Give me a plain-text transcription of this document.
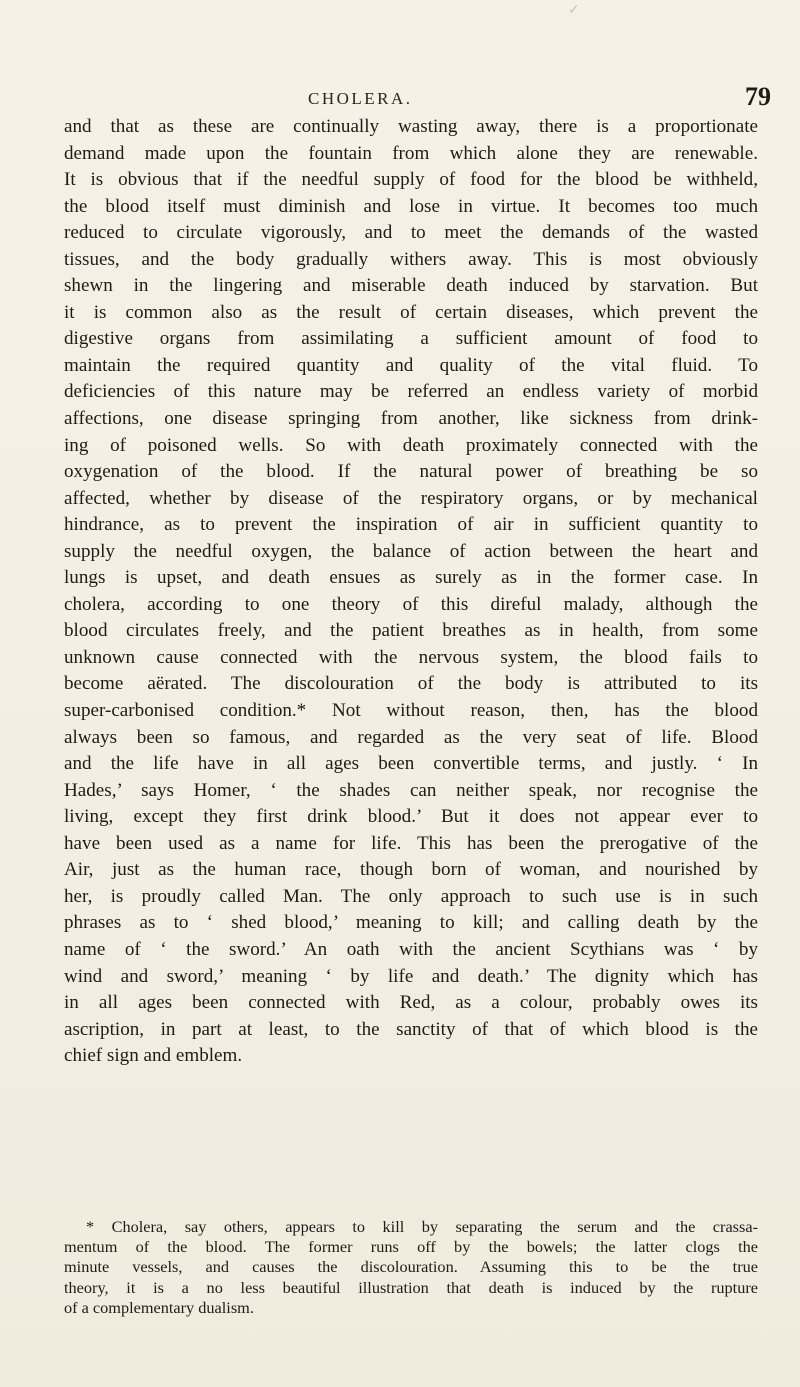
✓
CHOLERA.	79
and that as these are continually wasting away, there is a proportionate
demand made upon the fountain from which alone they are renewable.
It is obvious that if the needful supply of food for the blood be withheld,
the blood itself must diminish and lose in virtue. It becomes too much
reduced to circulate vigorously, and to meet the demands of the wasted
tissues, and the body gradually withers away. This is most obviously
shewn in the lingering and miserable death induced by starvation. But
it is common also as the result of certain diseases, which prevent the
digestive organs from assimilating a sufficient amount of food to
maintain the required quantity and quality of the vital fluid. To
deficiencies of this nature may be referred an endless variety of morbid
affections, one disease springing from another, like sickness from drink-
ing of poisoned wells. So with death proximately connected with the
oxygenation of the blood. If the natural power of breathing be so
affected, whether by disease of the respiratory organs, or by mechanical
hindrance, as to prevent the inspiration of air in sufficient quantity to
supply the needful oxygen, the balance of action between the heart and
lungs is upset, and death ensues as surely as in the former case. In
cholera, according to one theory of this direful malady, although the
blood circulates freely, and the patient breathes as in health, from some
unknown cause connected with the nervous system, the blood fails to
become aërated. The discolouration of the body is attributed to its
super-carbonised condition.* Not without reason, then, has the blood
always been so famous, and regarded as the very seat of life. Blood
and the life have in all ages been convertible terms, and justly. ‘ In
Hades,’ says Homer, ‘ the shades can neither speak, nor recognise the
living, except they first drink blood.’ But it does not appear ever to
have been used as a name for life. This has been the prerogative of the
Air, just as the human race, though born of woman, and nourished by
her, is proudly called Man. The only approach to such use is in such
phrases as to ‘ shed blood,’ meaning to kill; and calling death by the
name of ‘ the sword.’ An oath with the ancient Scythians was ‘ by
wind and sword,’ meaning ‘ by life and death.’ The dignity which has
in all ages been connected with Red, as a colour, probably owes its
ascription, in part at least, to the sanctity of that of which blood is the
chief sign and emblem.
* Cholera, say others, appears to kill by separating the serum and the crassa-
mentum of the blood. The former runs off by the bowels; the latter clogs the
minute vessels, and causes the discolouration. Assuming this to be the true
theory, it is a no less beautiful illustration that death is induced by the rupture
of a complementary dualism.
